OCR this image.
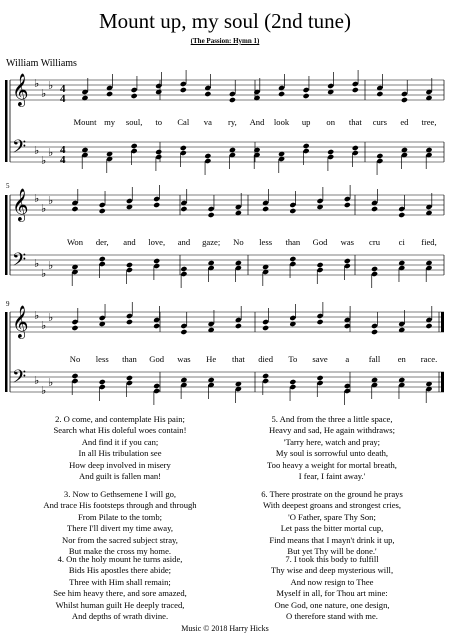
Mount up, my soul (2nd tune)
(The Passion: Hymn 1)
William Williams
𝄞 ♭
♭
♭
𝄢 ♭
♭
♭
𝄞 ♭
♭
♭
𝄢 ♭
♭
♭
𝄞 ♭
♭
♭
𝄢 ♭
♭
♭
Mount my soul, to Cal va ry, And look up on that curs ed tree,
Won der, and love, and gaze; No less than God was cru ci fied,
No less than God was He that died To save a fall en race.
5
9
4
4
4
4
2. O come, and contemplate His pain;
Search what His doleful woes contain!
And find it if you can;
In all His tribulation see
How deep involved in misery
And guilt is fallen man!
3. Now to Gethsemene I will go,
And trace His footsteps through and through
From Pilate to the tomb;
There I'll divert my time away,
Nor from the sacred subject stray,
But make the cross my home.
4. On the holy mount he turns aside,
Bids His apostles there abide;
Three with Him shall remain;
See him heavy there, and sore amazed,
Whilst human guilt He deeply traced,
And depths of wrath divine.
5. And from the three a little space,
Heavy and sad, He again withdraws;
'Tarry here, watch and pray;
My soul is sorrowful unto death,
Too heavy a weight for mortal breath,
I fear, I faint away.'
6. There prostrate on the ground he prays
With deepest groans and strongest cries,
'O Father, spare Thy Son;
Let pass the bitter mortal cup,
Find means that I mayn't drink it up,
But yet Thy will be done.'
7. I took this body to fulfill
Thy wise and deep mysterious will,
And now resign to Thee
Myself in all, for Thou art mine:
One God, one nature, one design,
O therefore stand with me.
Music © 2018 Harry Hicks
